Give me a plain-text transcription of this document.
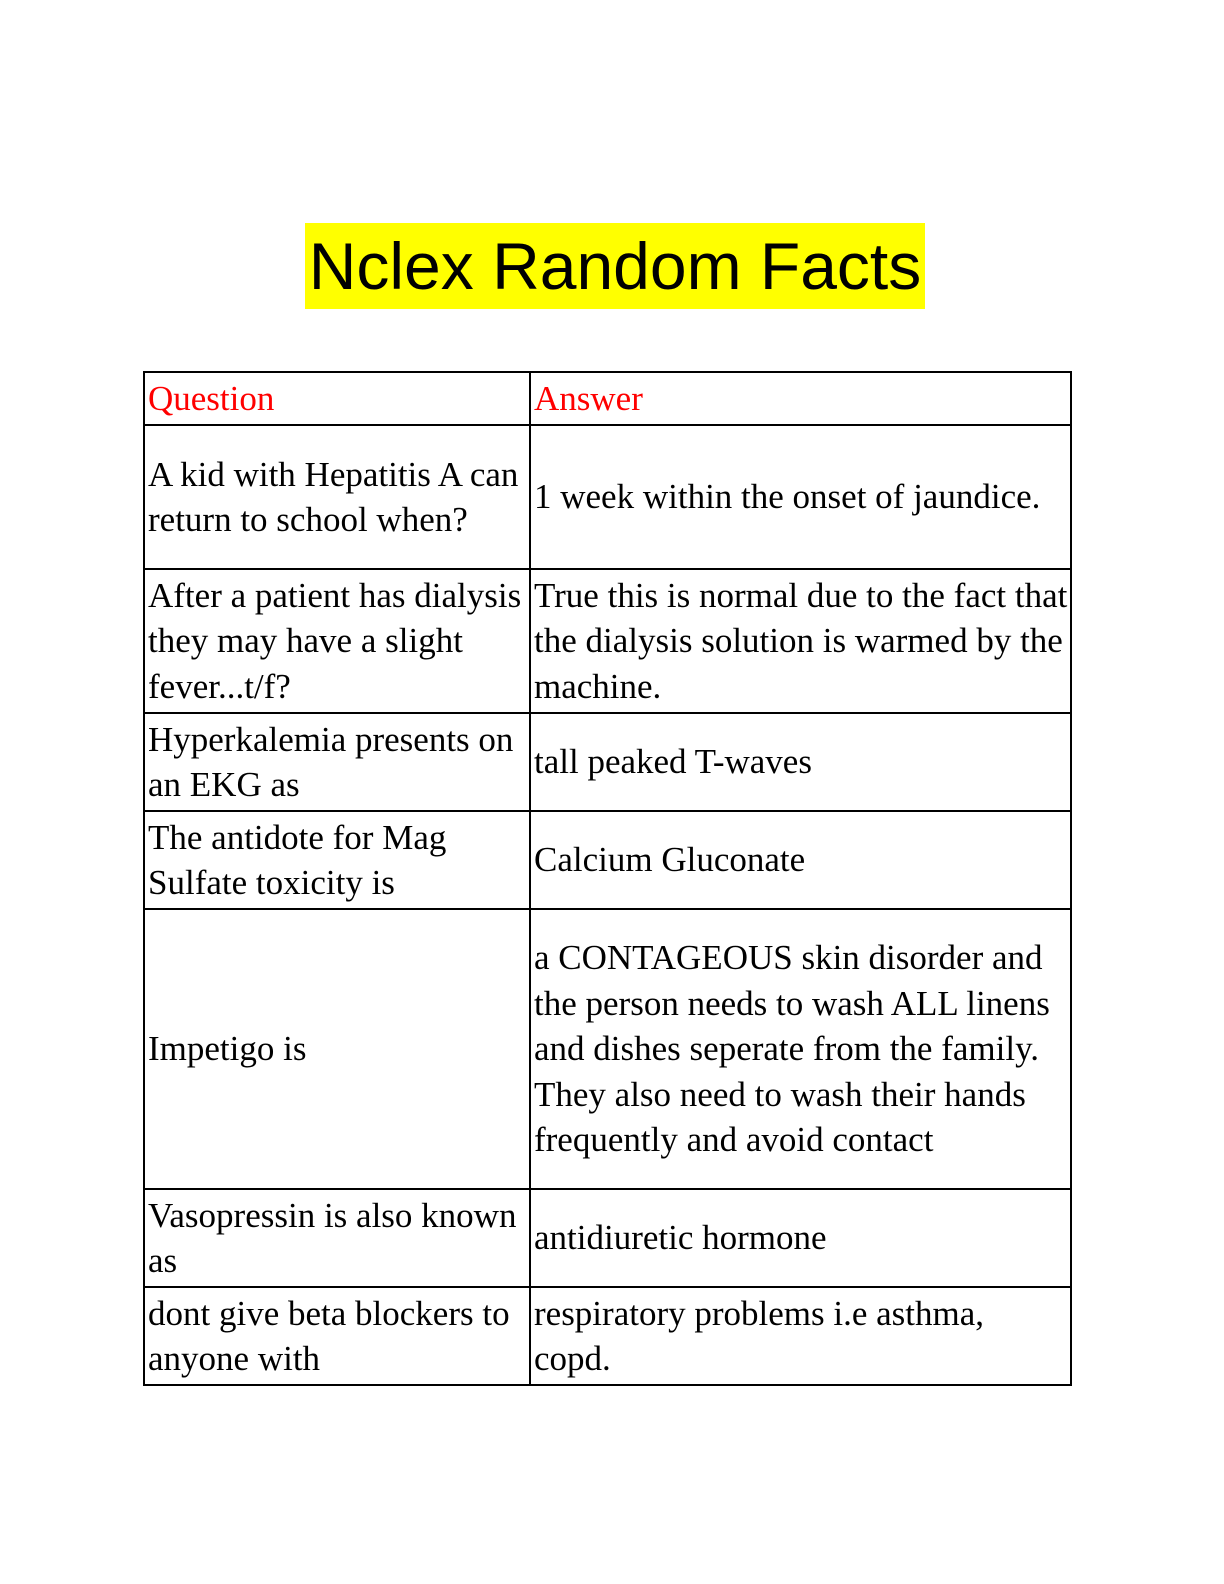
Nclex Random Facts
Question	Answer
A kid with Hepatitis A can return to school when?	1 week within the onset of jaundice.
After a patient has dialysis they may have a slight fever...t/f?	True this is normal due to the fact that the dialysis solution is warmed by the machine.
Hyperkalemia presents on an EKG as	tall peaked T-waves
The antidote for Mag Sulfate toxicity is	Calcium Gluconate
Impetigo is	a CONTAGEOUS skin disorder and the person needs to wash ALL linens and dishes seperate from the family. They also need to wash their hands frequently and avoid contact
Vasopressin is also known as	antidiuretic hormone
dont give beta blockers to anyone with	respiratory problems i.e asthma, copd.
